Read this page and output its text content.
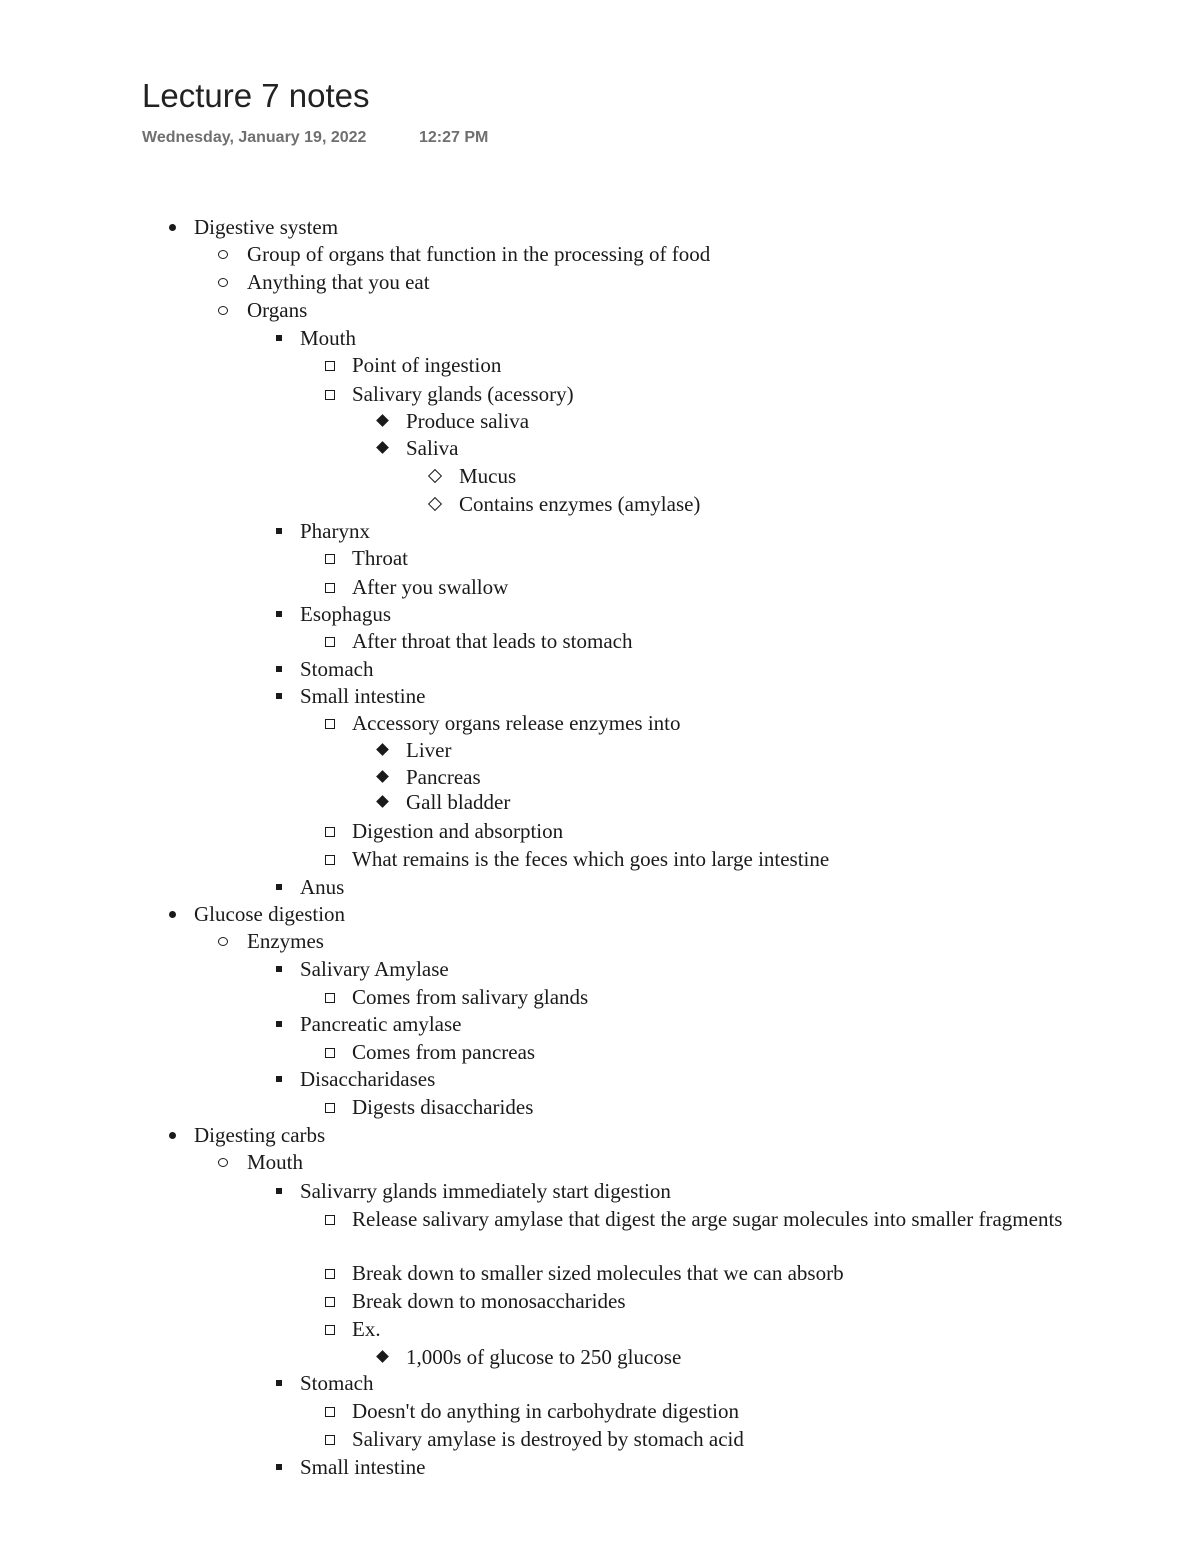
Lecture 7 notes
Wednesday, January 19, 2022	12:27 PM
Digestive system
Group of organs that function in the processing of food
Anything that you eat
Organs
Mouth
Point of ingestion
Salivary glands (acessory)
Produce saliva
Saliva
Mucus
Contains enzymes (amylase)
Pharynx
Throat
After you swallow
Esophagus
After throat that leads to stomach
Stomach
Small intestine
Accessory organs release enzymes into
Liver
Pancreas
Gall bladder
Digestion and absorption
What remains is the feces which goes into large intestine
Anus
Glucose digestion
Enzymes
Salivary Amylase
Comes from salivary glands
Pancreatic amylase
Comes from pancreas
Disaccharidases
Digests disaccharides
Digesting carbs
Mouth
Salivarry glands immediately start digestion
Release salivary amylase that digest the arge sugar molecules into smaller fragments
Break down to smaller sized molecules that we can absorb
Break down to monosaccharides
Ex.
1,000s of glucose to 250 glucose
Stomach
Doesn't do anything in carbohydrate digestion
Salivary amylase is destroyed by stomach acid
Small intestine
